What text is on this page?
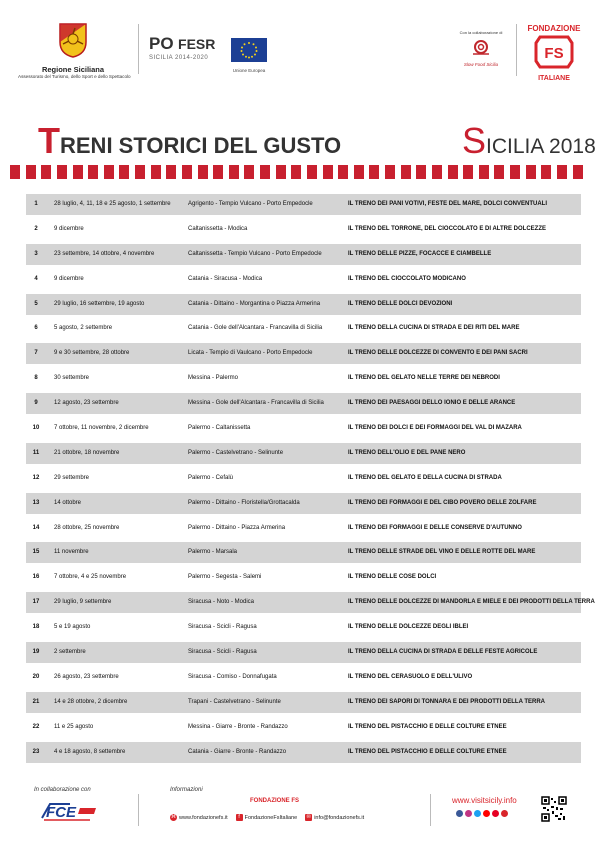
Regione Siciliana
Assessorato del Turismo, dello Sport e dello Spettacolo
PO FESR
SICILIA 2014-2020
Unione Europea
Con la collaborazione di
Slow Food Sicilia
FONDAZIONE
FS
ITALIANE
TRENI STORICI DEL GUSTO	SICILIA 2018
1	28 luglio, 4, 11, 18 e 25 agosto, 1 settembre	Agrigento - Tempio Vulcano - Porto Empedocle	IL TRENO DEI PANI VOTIVI, FESTE DEL MARE, DOLCI CONVENTUALI
2	9 dicembre	Caltanissetta - Modica	IL TRENO DEL TORRONE, DEL CIOCCOLATO E DI ALTRE DOLCEZZE
3	23 settembre, 14 ottobre, 4 novembre	Caltanissetta - Tempio Vulcano - Porto Empedocle	IL TRENO DELLE PIZZE, FOCACCE E CIAMBELLE
4	9 dicembre	Catania - Siracusa - Modica	IL TRENO DEL CIOCCOLATO MODICANO
5	29 luglio, 16 settembre, 19 agosto	Catania - Dittaino - Morgantina o Piazza Armerina	IL TRENO DELLE DOLCI DEVOZIONI
6	5 agosto, 2 settembre	Catania - Gole dell'Alcantara - Francavilla di Sicilia	IL TRENO DELLA CUCINA DI STRADA E DEI RITI DEL MARE
7	9 e 30 settembre, 28 ottobre	Licata - Tempio di Vaulcano - Porto Empedocle	IL TRENO DELLE DOLCEZZE DI CONVENTO E DEI PANI SACRI
8	30 settembre	Messina - Palermo	IL TRENO DEL GELATO NELLE TERRE DEI NEBRODI
9	12 agosto, 23 settembre	Messina - Gole dell'Alcantara - Francavilla di Sicilia	IL TRENO DEI PAESAGGI DELLO IONIO E DELLE ARANCE
10	7 ottobre, 11 novembre, 2 dicembre	Palermo - Caltanissetta	IL TRENO DEI DOLCI E DEI FORMAGGI DEL VAL DI MAZARA
11	21 ottobre, 18 novembre	Palermo - Castelvetrano - Selinunte	IL TRENO DELL'OLIO E DEL PANE NERO
12	29 settembre	Palermo - Cefalù	IL TRENO DEL GELATO E DELLA CUCINA DI STRADA
13	14 ottobre	Palermo - Dittaino - Floristella/Grottacalda	IL TRENO DEI FORMAGGI E DEL CIBO POVERO DELLE ZOLFARE
14	28 ottobre, 25 novembre	Palermo - Dittaino - Piazza Armerina	IL TRENO DEI FORMAGGI E DELLE CONSERVE D'AUTUNNO
15	11 novembre	Palermo - Marsala	IL TRENO DELLE STRADE DEL VINO E DELLE ROTTE DEL MARE
16	7 ottobre, 4 e 25 novembre	Palermo - Segesta - Salemi	IL TRENO DELLE COSE DOLCI
17	29 luglio, 9 settembre	Siracusa - Noto - Modica	IL TRENO DELLE DOLCEZZE DI MANDORLA E MIELE E DEI PRODOTTI DELLA TERRA
18	5 e 19 agosto	Siracusa - Scicli - Ragusa	IL TRENO DELLE DOLCEZZE DEGLI IBLEI
19	2 settembre	Siracusa - Scicli - Ragusa	IL TRENO DELLA CUCINA DI STRADA E DELLE FESTE AGRICOLE
20	26 agosto, 23 settembre	Siracusa - Comiso - Donnafugata	IL TRENO DEL CERASUOLO E DELL'ULIVO
21	14 e 28 ottobre, 2 dicembre	Trapani - Castelvetrano - Selinunte	IL TRENO DEI SAPORI DI TONNARA E DEI PRODOTTI DELLA TERRA
22	11 e 25 agosto	Messina - Giarre - Bronte - Randazzo	IL TRENO DEL PISTACCHIO E DELLE COLTURE ETNEE
23	4 e 18 agosto, 8 settembre	Catania - Giarre - Bronte - Randazzo	IL TRENO DEL PISTACCHIO E DELLE COLTURE ETNEE
In collaborazione con
FCE
Informazioni
FONDAZIONE FS
⌘ www.fondazionefs.it	f FondazioneFsItaliane ✉ info@fondazionefs.it
www.visitsicily.info
